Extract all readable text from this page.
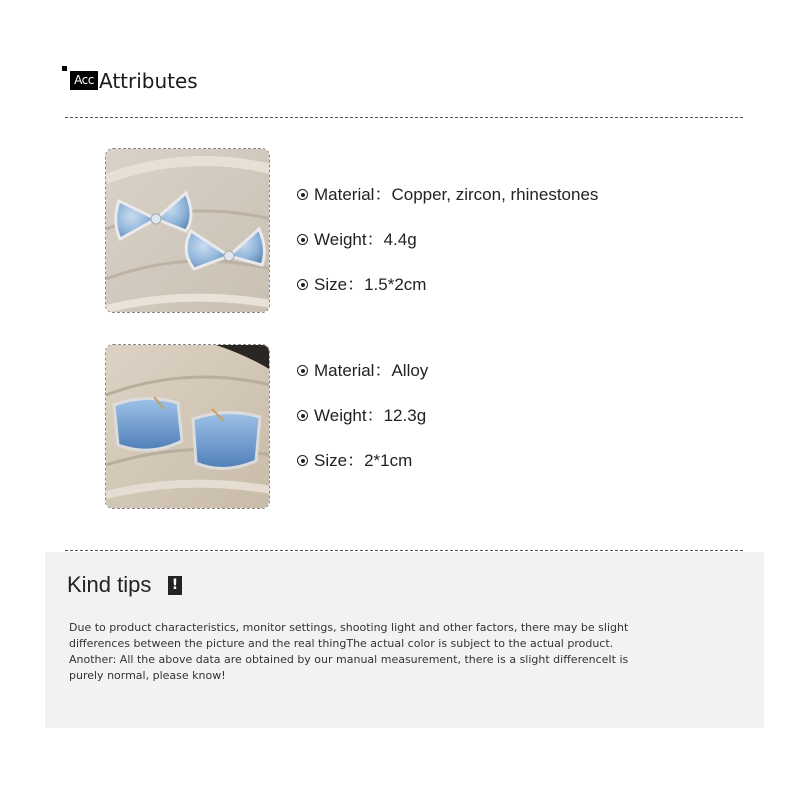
Acc Attributes
Material：Copper, zircon, rhinestones
Weight：4.4g
Size：1.5*2cm
Material：Alloy
Weight：12.3g
Size：2*1cm
Kind tips !
Due to product characteristics, monitor settings, shooting light and other factors, there may be slight differences between the picture and the real thingThe actual color is subject to the actual product. Another: All the above data are obtained by our manual measurement, there is a slight differenceIt is purely normal, please know!
